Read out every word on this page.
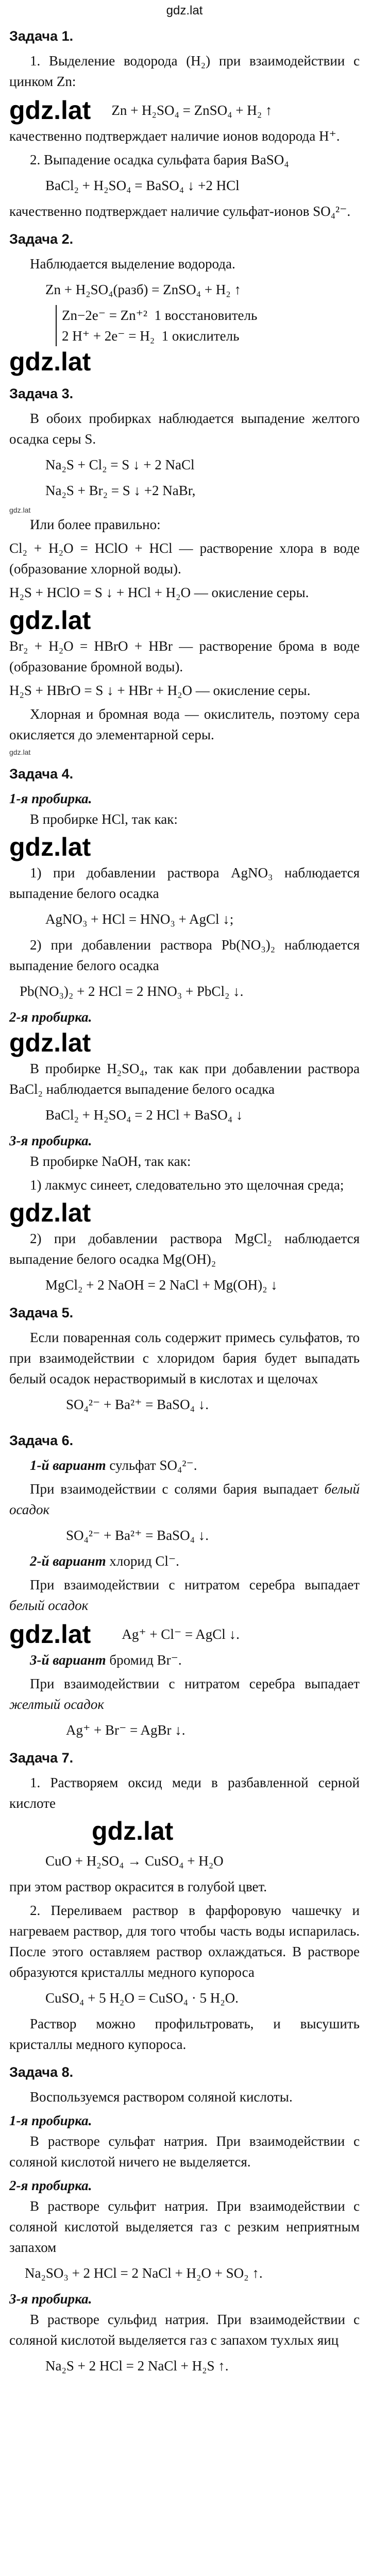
gdz.lat
Задача 1.

1. Выделение водорода (H₂) при взаимодействии с цинком Zn:

gdz.lat Zn + H₂SO₄ = ZnSO₄ + H₂ ↑

качественно подтверждает наличие ионов водорода H⁺.

2. Выпадение осадка сульфата бария BaSO₄

BaCl₂ + H₂SO₄ = BaSO₄ ↓ +2 HCl

качественно подтверждает наличие сульфат-ионов SO₄²⁻.

Задача 2.

Наблюдается выделение водорода.

Zn + H₂SO₄(разб) = ZnSO₄ + H₂ ↑
Zn−2e⁻ = Zn⁺² 1 восстановитель
2 H⁺ + 2e⁻ = H₂ 1 окислитель
gdz.lat
Задача 3.

В обоих пробирках наблюдается выпадение желтого осадка серы S.

Na₂S + Cl₂ = S ↓ + 2 NaCl
Na₂S + Br₂ = S ↓ +2 NaBr,
gdz.lat

Или более правильно:

Cl₂ + H₂O = HClO + HCl — растворение хлора в воде (образование хлорной воды).

H₂S + HClO = S ↓ + HCl + H₂O — окисление серы.

gdz.lat

Br₂ + H₂O = HBrO + HBr — растворение брома в воде (образование бромной воды).

H₂S + HBrO = S ↓ + HBr + H₂O — окисление серы.

Хлорная и бромная вода — окислитель, поэтому сера окисляется до элементарной серы.

gdz.lat
Задача 4.
1-я пробирка.

В пробирке HCl, так как:

gdz.lat

1) при добавлении раствора AgNO₃ наблюдается выпадение белого осадка

AgNO₃ + HCl = HNO₃ + AgCl ↓;

2) при добавлении раствора Pb(NO₃)₂ наблюдается выпадение белого осадка

Pb(NO₃)₂ + 2 HCl = 2 HNO₃ + PbCl₂ ↓.
2-я пробирка.
gdz.lat

В пробирке H₂SO₄, так как при добавлении раствора BaCl₂ наблюдается выпадение белого осадка

BaCl₂ + H₂SO₄ = 2 HCl + BaSO₄ ↓
3-я пробирка.

В пробирке NaOH, так как:

1) лакмус синеет, следовательно это щелочная среда;

gdz.lat

2) при добавлении раствора MgCl₂ наблюдается выпадение белого осадка Mg(OH)₂

MgCl₂ + 2 NaOH = 2 NaCl + Mg(OH)₂ ↓
Задача 5.

Если поваренная соль содержит примесь сульфатов, то при взаимодействии с хлоридом бария будет выпадать белый осадок нерастворимый в кислотах и щелочах

SO₄²⁻ + Ba²⁺ = BaSO₄ ↓.
Задача 6.

1-й вариант сульфат SO₄²⁻.

При взаимодействии с солями бария выпадает белый осадок

SO₄²⁻ + Ba²⁺ = BaSO₄ ↓.

2-й вариант хлорид Cl⁻.

При взаимодействии с нитратом серебра выпадает белый осадок

gdz.lat Ag⁺ + Cl⁻ = AgCl ↓.

3-й вариант бромид Br⁻.

При взаимодействии с нитратом серебра выпадает желтый осадок

Ag⁺ + Br⁻ = AgBr ↓.
Задача 7.

1. Растворяем оксид меди в разбавленной серной кислоте

gdz.lat
CuO + H₂SO₄ → CuSO₄ + H₂O

при этом раствор окрасится в голубой цвет.

2. Переливаем раствор в фарфоровую чашечку и нагреваем раствор, для того чтобы часть воды испарилась. После этого оставляем раствор охлаждаться. В растворе образуются кристаллы медного купороса

CuSO₄ + 5 H₂O = CuSO₄ · 5 H₂O.

Раствор можно профильтровать, и высушить кристаллы медного купороса.

Задача 8.

Воспользуемся раствором соляной кислоты.

1-я пробирка.

В растворе сульфат натрия. При взаимодействии с соляной кислотой ничего не выделяется.

2-я пробирка.

В растворе сульфит натрия. При взаимодействии с соляной кислотой выделяется газ с резким неприятным запахом

Na₂SO₃ + 2 HCl = 2 NaCl + H₂O + SO₂ ↑.
3-я пробирка.

В растворе сульфид натрия. При взаимодействии с соляной кислотой выделяется газ с запахом тухлых яиц

Na₂S + 2 HCl = 2 NaCl + H₂S ↑.
